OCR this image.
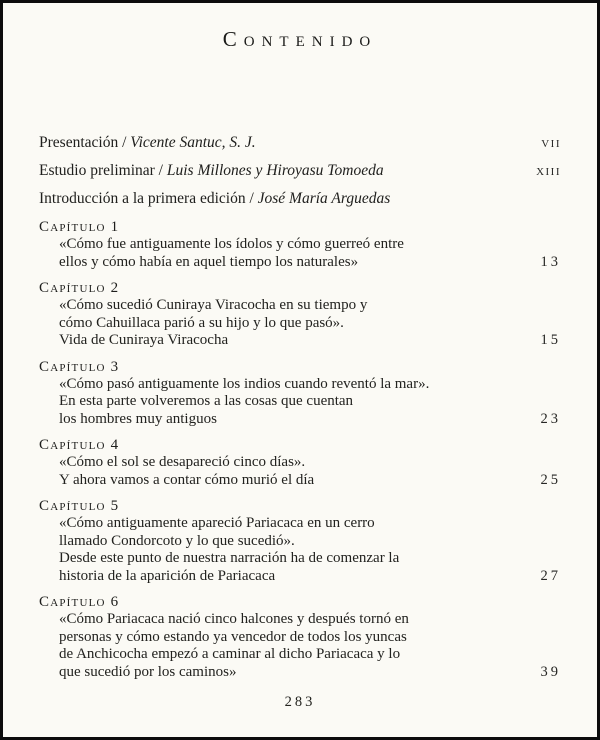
Contenido
Presentación / Vicente Santuc, S. J.	vii
Estudio preliminar / Luis Millones y Hiroyasu Tomoeda	xiii
Introducción a la primera edición / José María Arguedas
Capítulo 1
«Cómo fue antiguamente los ídolos y cómo guerreó entre
ellos y cómo había en aquel tiempo los naturales»	13
Capítulo 2
«Cómo sucedió Cuniraya Viracocha en su tiempo y
cómo Cahuillaca parió a su hijo y lo que pasó».
Vida de Cuniraya Viracocha	15
Capítulo 3
«Cómo pasó antiguamente los indios cuando reventó la mar».
En esta parte volveremos a las cosas que cuentan
los hombres muy antiguos	23
Capítulo 4
«Cómo el sol se desapareció cinco días».
Y ahora vamos a contar cómo murió el día	25
Capítulo 5
«Cómo antiguamente apareció Pariacaca en un cerro
llamado Condorcoto y lo que sucedió».
Desde este punto de nuestra narración ha de comenzar la
historia de la aparición de Pariacaca	27
Capítulo 6
«Cómo Pariacaca nació cinco halcones y después tornó en
personas y cómo estando ya vencedor de todos los yuncas
de Anchicocha empezó a caminar al dicho Pariacaca y lo
que sucedió por los caminos»	39
283
